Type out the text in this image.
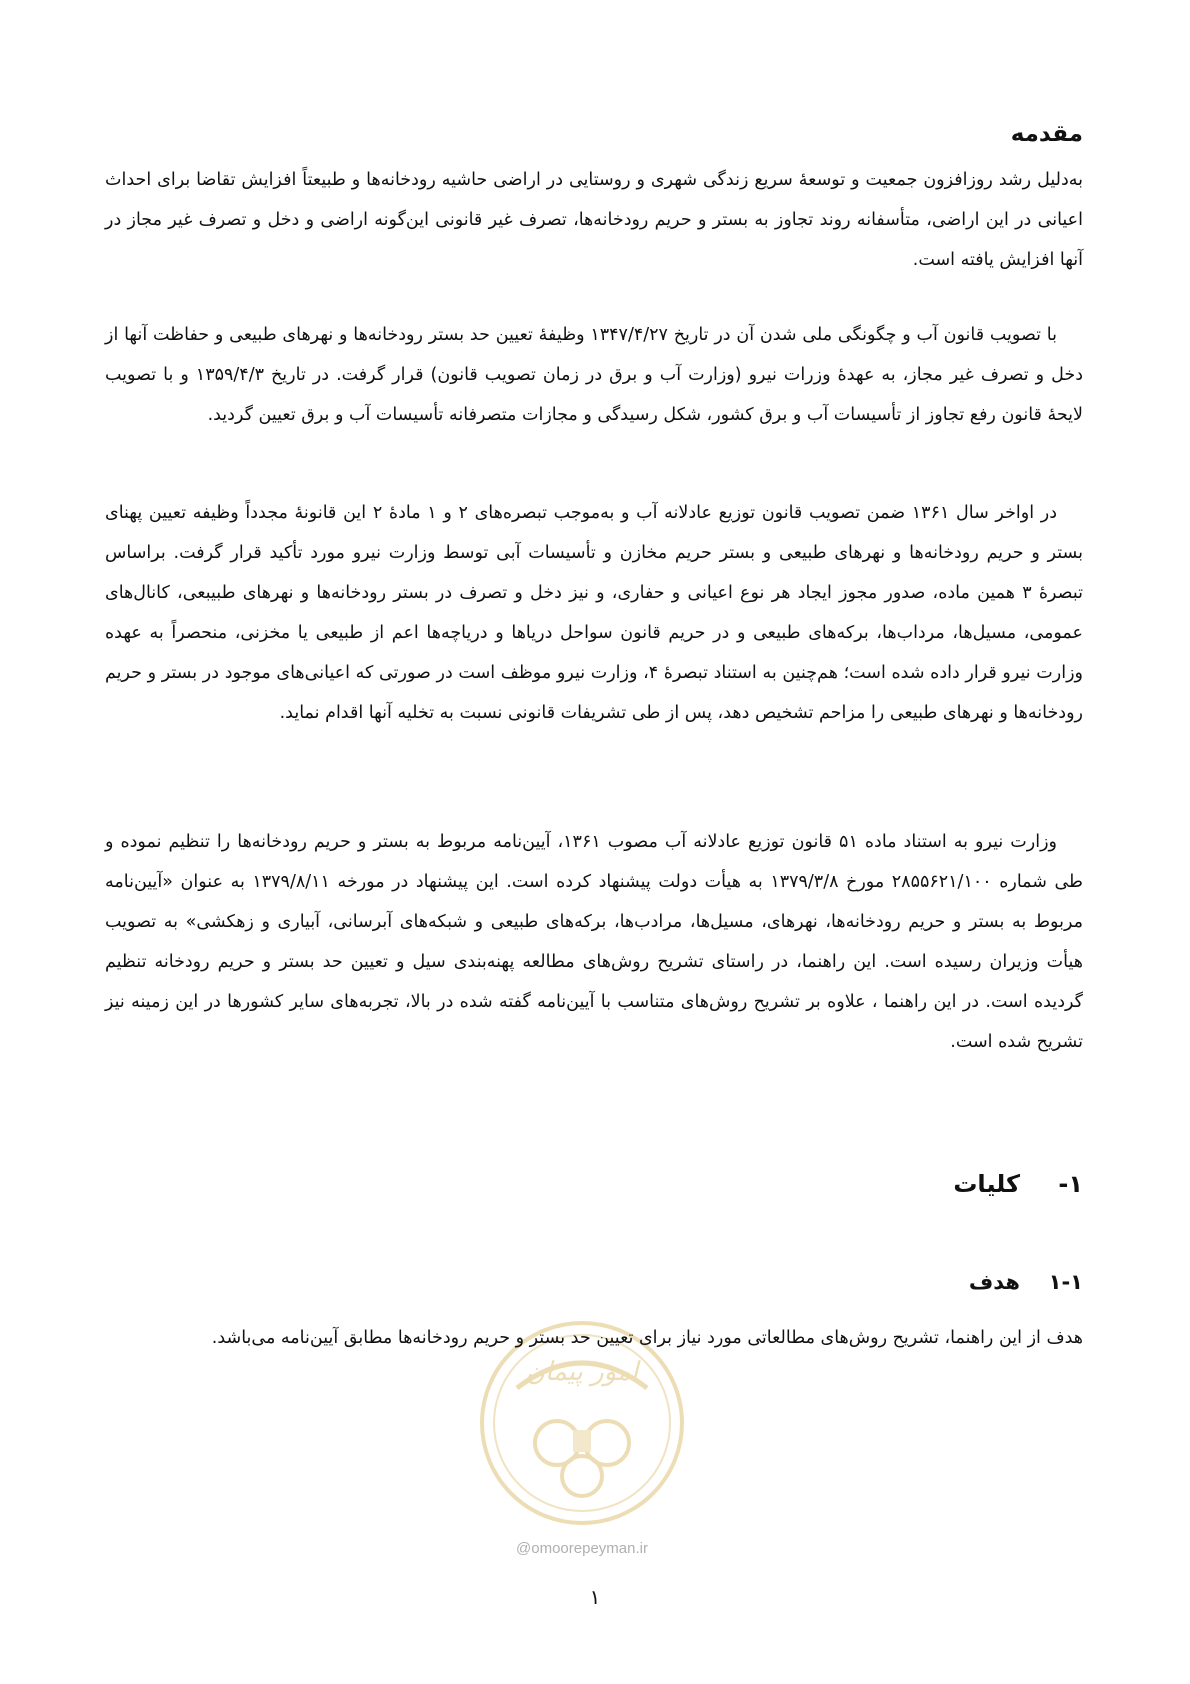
مقدمه

به‌دلیل رشد روزافزون جمعیت و توسعۀ سریع زندگی شهری و روستایی در اراضی حاشیه رودخانه‌ها و طبیعتاً افزایش تقاضا برای احداث اعیانی در این اراضی، متأسفانه روند تجاوز به بستر و حریم رودخانه‌ها، تصرف غیر قانونی این‌گونه اراضی و دخل و تصرف غیر مجاز در آنها افزایش یافته است.

با تصویب قانون آب و چگونگی ملی شدن آن در تاریخ ۱۳۴۷/۴/۲۷ وظیفۀ تعیین حد بستر رودخانه‌ها و نهرهای طبیعی و حفاظت آنها از دخل و تصرف غیر مجاز، به عهدۀ وزرات نیرو (وزارت آب و برق در زمان تصویب قانون) قرار گرفت. در تاریخ ۱۳۵۹/۴/۳ و با تصویب لایحۀ قانون رفع تجاوز از تأسیسات آب و برق کشور، شکل رسیدگی و مجازات متصرفانه تأسیسات آب و برق تعیین گردید.

در اواخر سال ۱۳۶۱ ضمن تصویب قانون توزیع عادلانه آب و به‌موجب تبصره‌های ۲ و ۱ مادۀ ۲ این قانونۀ مجدداً وظیفه تعیین پهنای بستر و حریم رودخانه‌ها و نهرهای طبیعی و بستر حریم مخازن و تأسیسات آبی توسط وزارت نیرو مورد تأکید قرار گرفت. براساس تبصرۀ ۳ همین ماده، صدور مجوز ایجاد هر نوع اعیانی و حفاری، و نیز دخل و تصرف در بستر رودخانه‌ها و نهرهای طبیبعی، کانال‌های عمومی، مسیل‌ها، مرداب‌ها، برکه‌های طبیعی و در حریم قانون سواحل دریاها و دریاچه‌ها اعم از طبیعی یا مخزنی، منحصراً به عهده وزارت نیرو قرار داده شده است؛ هم‌چنین به استناد تبصرۀ ۴، وزارت نیرو موظف است در صورتی که اعیانی‌های موجود در بستر و حریم رودخانه‌ها و نهرهای طبیعی را مزاحم تشخیص دهد، پس از طی تشریفات قانونی نسبت به تخلیه آنها اقدام نماید.

وزارت نیرو به استناد ماده ۵۱ قانون توزیع عادلانه آب مصوب ۱۳۶۱، آیین‌نامه مربوط به بستر و حریم رودخانه‌ها را تنظیم نموده و طی شماره ۲۸۵۵۶۲۱/۱۰۰ مورخ ۱۳۷۹/۳/۸ به هیأت دولت پیشنهاد کرده است. این پیشنهاد در مورخه ۱۳۷۹/۸/۱۱ به عنوان «آیین‌نامه مربوط به بستر و حریم رودخانه‌ها، نهرهای، مسیل‌ها، مرادب‌ها، برکه‌های طبیعی و شبکه‌های آبرسانی، آبیاری و زهکشی» به تصویب هیأت وزیران رسیده است. این راهنما، در راستای تشریح روش‌های مطالعه پهنه‌بندی سیل و تعیین حد بستر و حریم رودخانه تنظیم گردیده است. در این راهنما ، علاوه بر تشریح روش‌های متناسب با آیین‌نامه گفته شده در بالا، تجربه‌های سایر کشورها در این زمینه نیز تشریح شده است.

۱-
کلیات
امور پیمان
۱-۱
هدف

هدف از این راهنما، تشریح روش‌های مطالعاتی مورد نیاز برای تعیین حد بستر و حریم رودخانه‌ها مطابق آیین‌نامه می‌باشد.

@omoorepeyman.ir
۱
